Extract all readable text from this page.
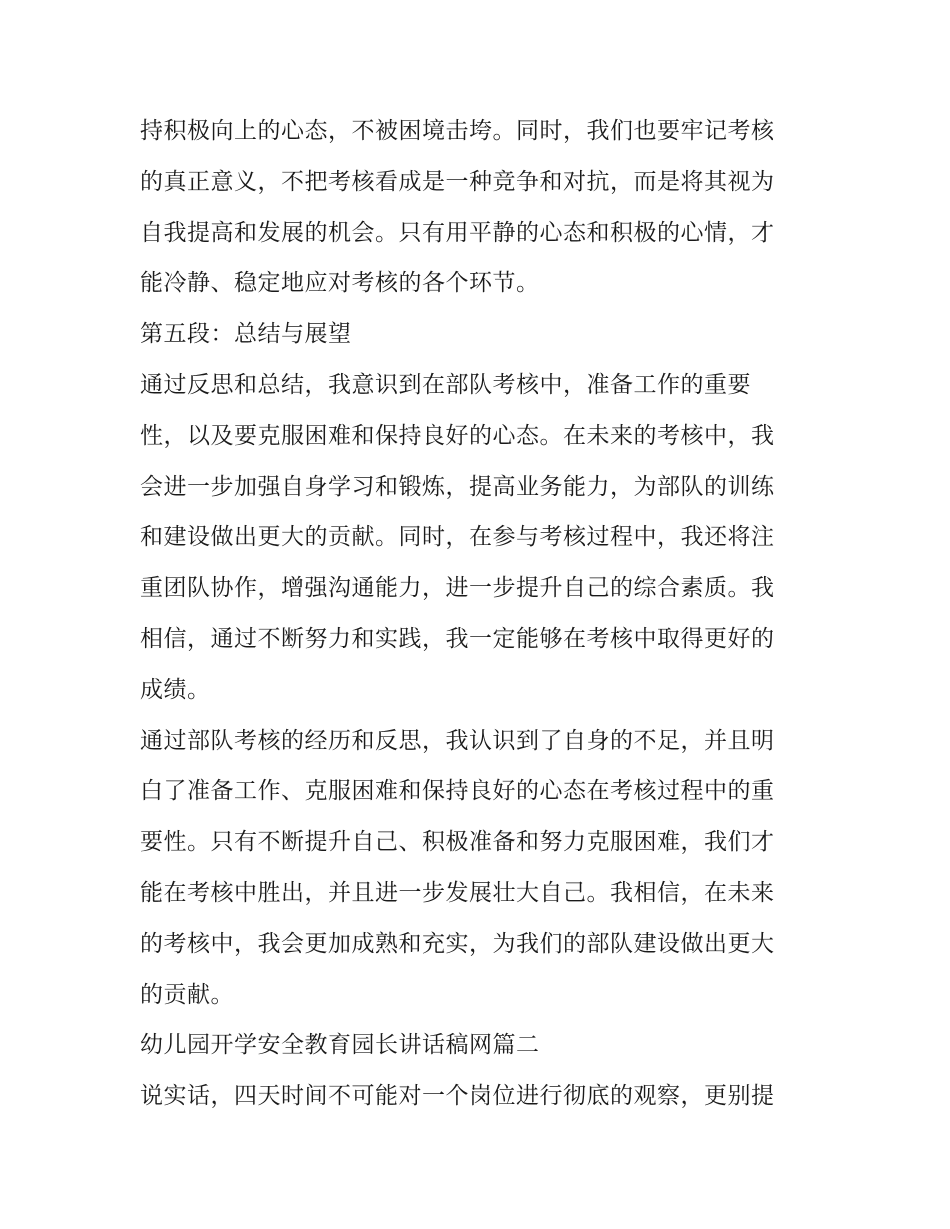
持积极向上的心态，不被困境击垮。同时，我们也要牢记考核
的真正意义，不把考核看成是一种竞争和对抗，而是将其视为
自我提高和发展的机会。只有用平静的心态和积极的心情，才
能冷静、稳定地应对考核的各个环节。
第五段：总结与展望
通过反思和总结，我意识到在部队考核中，准备工作的重要
性，以及要克服困难和保持良好的心态。在未来的考核中，我
会进一步加强自身学习和锻炼，提高业务能力，为部队的训练
和建设做出更大的贡献。同时，在参与考核过程中，我还将注
重团队协作，增强沟通能力，进一步提升自己的综合素质。我
相信，通过不断努力和实践，我一定能够在考核中取得更好的
成绩。
通过部队考核的经历和反思，我认识到了自身的不足，并且明
白了准备工作、克服困难和保持良好的心态在考核过程中的重
要性。只有不断提升自己、积极准备和努力克服困难，我们才
能在考核中胜出，并且进一步发展壮大自己。我相信，在未来
的考核中，我会更加成熟和充实，为我们的部队建设做出更大
的贡献。
幼儿园开学安全教育园长讲话稿网篇二
说实话，四天时间不可能对一个岗位进行彻底的观察，更别提
